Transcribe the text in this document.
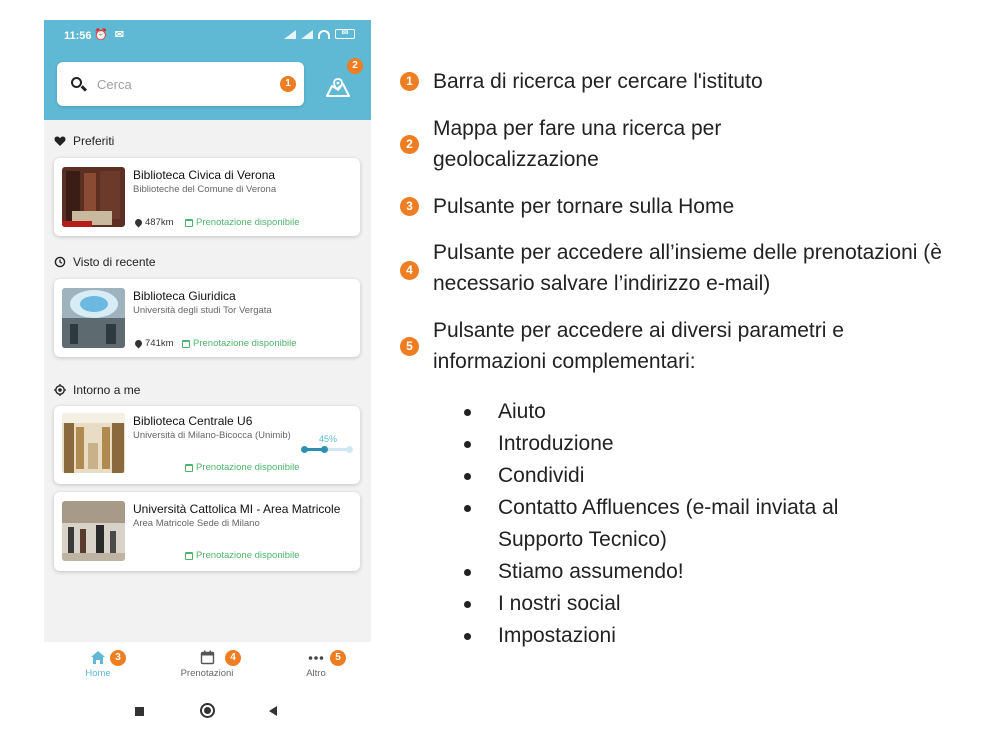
11:56 ⏰ ✉	88
Cerca
1
2
Preferiti
Biblioteca Civica di Verona
Biblioteche del Comune di Verona
487km Prenotazione disponibile
Visto di recente
Biblioteca Giuridica
Università degli studi Tor Vergata
741km Prenotazione disponibile
Intorno a me
Biblioteca Centrale U6
Università di Milano-Bicocca (Unimib)	45%
Prenotazione disponibile
Università Cattolica MI - Area Matricole
Area Matricole Sede di Milano
Prenotazione disponibile
Home
3
Prenotazioni
4
Altro
5
1 Barra di ricerca per cercare l'istituto
2
Mappa per fare una ricerca per geolocalizzazione
3 Pulsante per tornare sulla Home
4
Pulsante per accedere all’insieme delle prenotazioni (è necessario salvare l’indirizzo e-mail)
5
Pulsante per accedere ai diversi parametri e informazioni complementari:
Aiuto
Introduzione
Condividi
Contatto Affluences (e-mail inviata al Supporto Tecnico)
Stiamo assumendo!
I nostri social
Impostazioni
